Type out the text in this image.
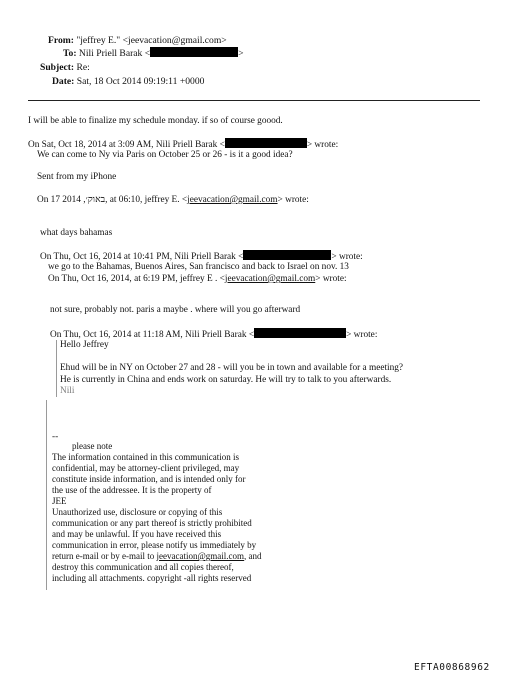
From: "jeffrey E." <jeevacation@gmail.com>
To: Nili Priell Barak <	>
Subject: Re:
Date: Sat, 18 Oct 2014 09:19:11 +0000
I will be able to finalize my schedule monday. if so of course goood.
On Sat, Oct 18, 2014 at 3:09 AM, Nili Priell Barak <	> wrote:
We can come to Ny via Paris on October 25 or 26 - is it a good idea?
Sent from my iPhone
On 17 2014 ,באוק׳, at 06:10, jeffrey E. <jeevacation@gmail.com> wrote:
what days bahamas
On Thu, Oct 16, 2014 at 10:41 PM, Nili Priell Barak <	> wrote:
we go to the Bahamas, Buenos Aires, San francisco and back to Israel on nov. 13
On Thu, Oct 16, 2014, at 6:19 PM, jeffrey E . <jeevacation@gmail.com> wrote:
not sure, probably not. paris a maybe . where will you go afterward
On Thu, Oct 16, 2014 at 11:18 AM, Nili Priell Barak <	> wrote:
Hello Jeffrey
Ehud will be in NY on October 27 and 28 - will you be in town and available for a meeting?
He is currently in China and ends work on saturday. He will try to talk to you afterwards.
Nili
--
please note
The information contained in this communication is
confidential, may be attorney-client privileged, may
constitute inside information, and is intended only for
the use of the addressee. It is the property of
JEE
Unauthorized use, disclosure or copying of this
communication or any part thereof is strictly prohibited
and may be unlawful. If you have received this
communication in error, please notify us immediately by
return e-mail or by e-mail to jeevacation@gmail.com, and
destroy this communication and all copies thereof,
including all attachments. copyright -all rights reserved
EFTA00868962
